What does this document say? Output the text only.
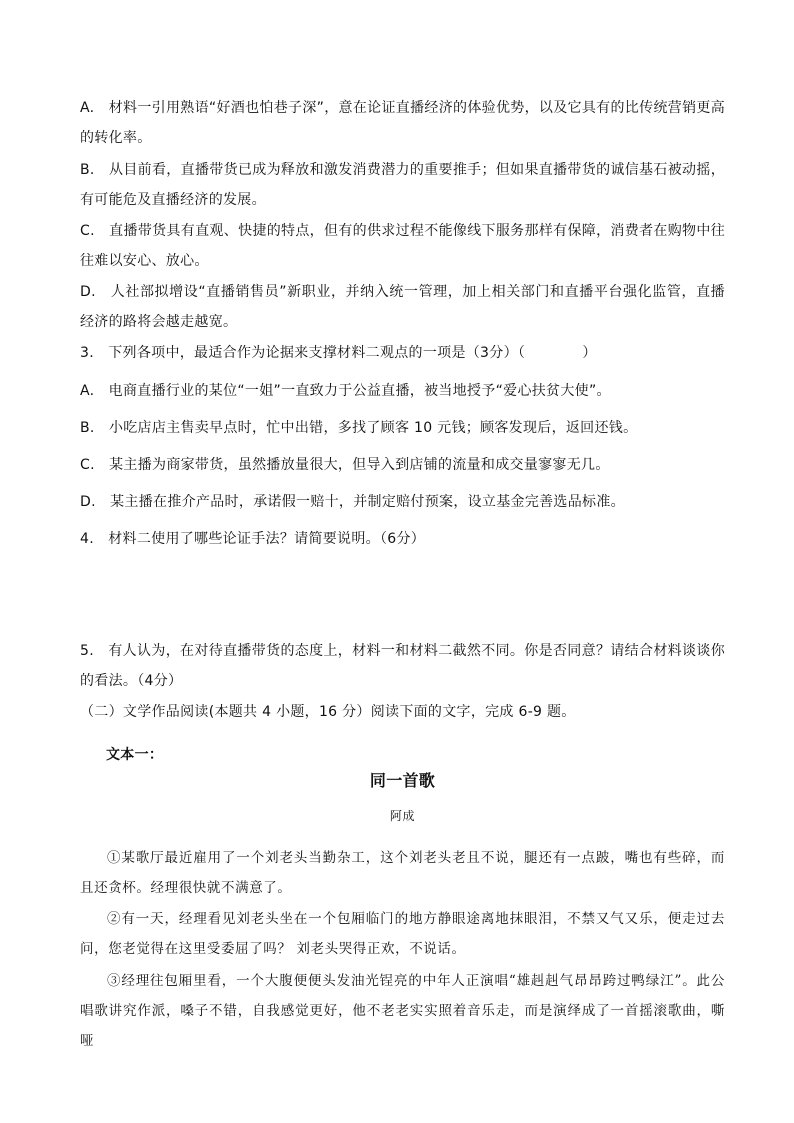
A.　材料一引用熟语“好酒也怕巷子深”，意在论证直播经济的体验优势，以及它具有的比传统营销更高的转化率。
B.　从目前看，直播带货已成为释放和激发消费潜力的重要推手；但如果直播带货的诚信基石被动摇，有可能危及直播经济的发展。
C.　直播带货具有直观、快捷的特点，但有的供求过程不能像线下服务那样有保障，消费者在购物中往往难以安心、放心。
D.　人社部拟增设“直播销售员”新职业，并纳入统一管理，加上相关部门和直播平台强化监管，直播经济的路将会越走越宽。
3.　下列各项中，最适合作为论据来支撑材料二观点的一项是（3分）（　　　　）
A.　电商直播行业的某位“一姐”一直致力于公益直播，被当地授予“爱心扶贫大使”。
B.　小吃店店主售卖早点时，忙中出错，多找了顾客 10 元钱；顾客发现后，返回还钱。
C.　某主播为商家带货，虽然播放量很大，但导入到店铺的流量和成交量寥寥无几。
D.　某主播在推介产品时，承诺假一赔十，并制定赔付预案，设立基金完善选品标准。
4.　材料二使用了哪些论证手法？请简要说明。（6分）
5.　有人认为，在对待直播带货的态度上，材料一和材料二截然不同。你是否同意？请结合材料谈谈你的看法。（4分）
（二）文学作品阅读(本题共 4 小题，16 分）阅读下面的文字，完成 6-9 题。
文本一：
同一首歌
阿成
①某歌厅最近雇用了一个刘老头当勤杂工，这个刘老头老且不说，腿还有一点跛，嘴也有些碎，而且还贪杯。经理很快就不满意了。
②有一天，经理看见刘老头坐在一个包厢临门的地方静眼途离地抹眼泪，不禁又气又乐，便走过去问，您老觉得在这里受委屈了吗？ 刘老头哭得正欢，不说话。
③经理往包厢里看，一个大腹便便头发油光锃亮的中年人正演唱“雄赳赳气昂昂跨过鸭绿江”。此公唱歌讲究作派，嗓子不错，自我感觉更好，他不老老实实照着音乐走，而是演绎成了一首摇滚歌曲，嘶哑
